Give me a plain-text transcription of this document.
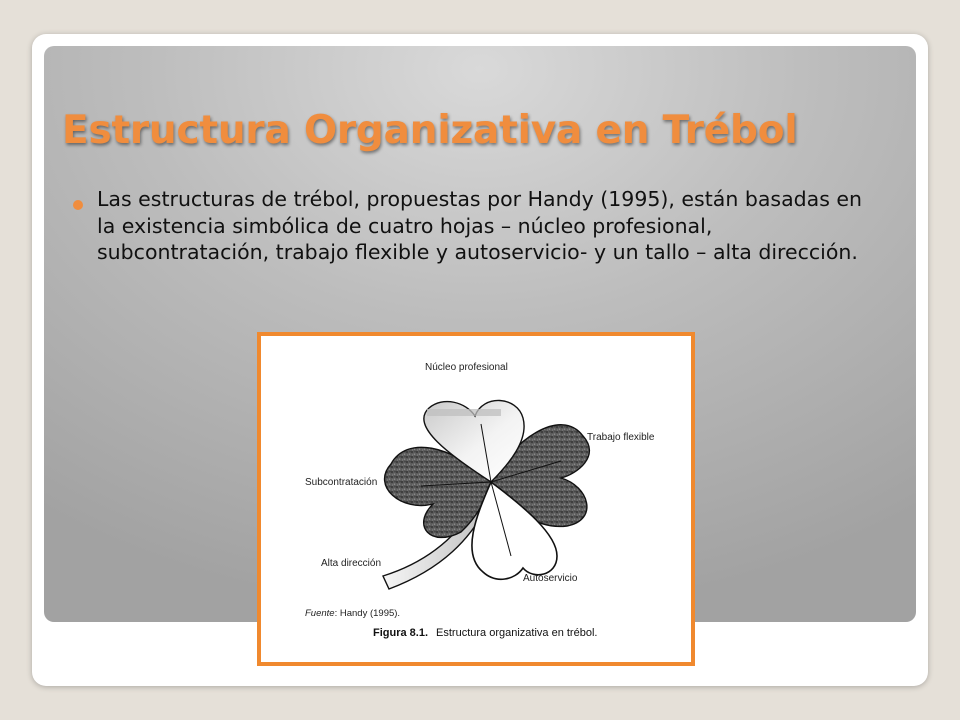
Estructura Organizativa en Trébol

Las estructuras de trébol, propuestas por Handy (1995), están basadas en la existencia simbólica de cuatro hojas – núcleo profesional, subcontratación, trabajo flexible y autoservicio- y un tallo – alta dirección.

Núcleo profesional
Trabajo flexible
Subcontratación
Alta dirección
Autoservicio
Fuente: Handy (1995).
Figura 8.1. Estructura organizativa en trébol.
